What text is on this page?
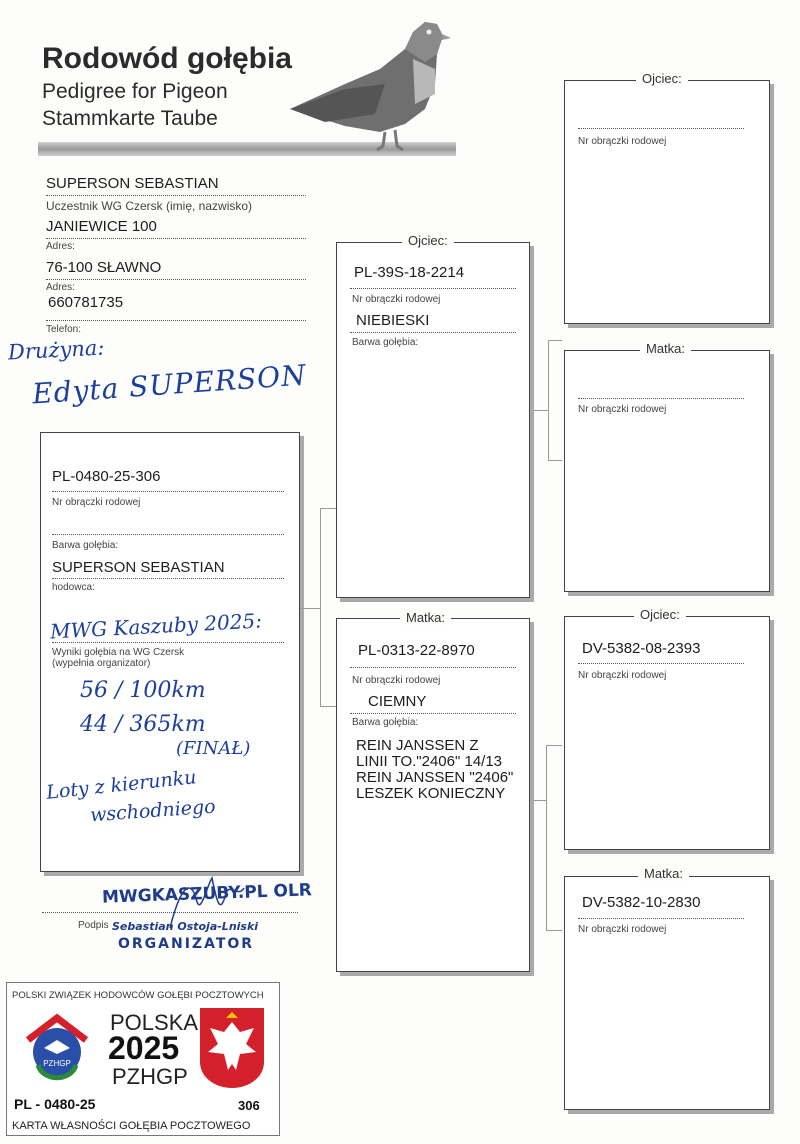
Rodowód gołębia
Pedigree for Pigeon
Stammkarte Taube
SUPERSON SEBASTIAN
Uczestnik WG Czersk (imię, nazwisko)
JANIEWICE 100
Adres:
76-100 SŁAWNO
Adres:
660781735
Telefon:
Drużyna:
Edyta SUPERSON
PL-0480-25-306
Nr obrączki rodowej
Barwa gołębia:
SUPERSON SEBASTIAN
hodowca:
MWG Kaszuby 2025:
Wyniki gołębia na WG Czersk
(wypełnia organizator)
56 / 100km
44 / 365km
(FINAŁ)
Loty z kierunku
wschodniego
MWGKASZUBY.PL OLR
Podpis Sebastian Ostoja-Lniski
ORGANIZATOR
POLSKI ZWIĄZEK HODOWCÓW GOŁĘBI POCZTOWYCH
PZHGP
POLSKA
2025
PZHGP
PL - 0480-25	306
KARTA WŁASNOŚCI GOŁĘBIA POCZTOWEGO
Ojciec:
PL-39S-18-2214
Nr obrączki rodowej
NIEBIESKI
Barwa gołębia:
Matka:
PL-0313-22-8970
Nr obrączki rodowej
CIEMNY
Barwa gołębia:
REIN JANSSEN Z
LINII TO."2406" 14/13
REIN JANSSEN "2406"
LESZEK KONIECZNY
Ojciec:
Nr obrączki rodowej
Matka:
Nr obrączki rodowej
Ojciec:
DV-5382-08-2393
Nr obrączki rodowej
Matka:
DV-5382-10-2830
Nr obrączki rodowej
